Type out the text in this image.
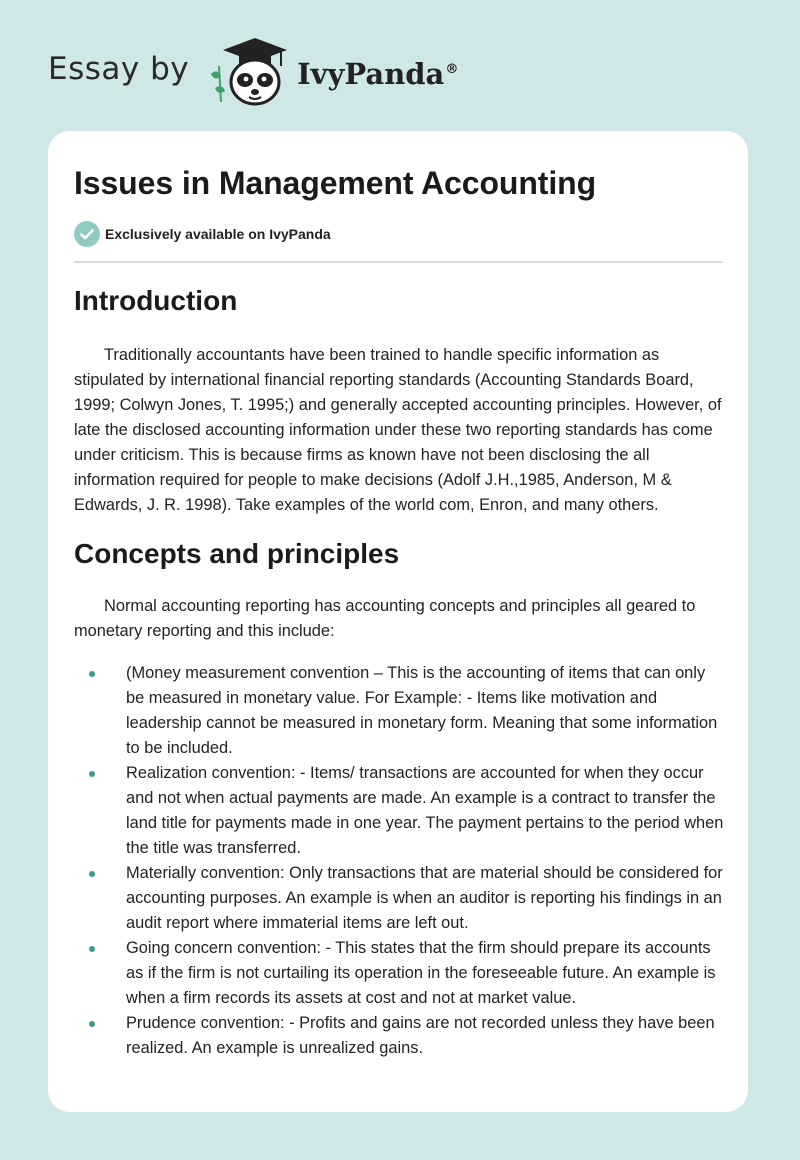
Essay by	IvyPanda®
Issues in Management Accounting
Exclusively available on IvyPanda
Introduction

Traditionally accountants have been trained to handle specific information as stipulated by international financial reporting standards (Accounting Standards Board, 1999; Colwyn Jones, T. 1995;) and generally accepted accounting principles. However, of late the disclosed accounting information under these two reporting standards has come under criticism. This is because firms as known have not been disclosing the all information required for people to make decisions (Adolf J.H.,1985, Anderson, M & Edwards, J. R. 1998). Take examples of the world com, Enron, and many others.

Concepts and principles

Normal accounting reporting has accounting concepts and principles all geared to monetary reporting and this include:

(Money measurement convention – This is the accounting of items that can only be measured in monetary value. For Example: - Items like motivation and leadership cannot be measured in monetary form. Meaning that some information to be included.
Realization convention: - Items/ transactions are accounted for when they occur and not when actual payments are made. An example is a contract to transfer the land title for payments made in one year. The payment pertains to the period when the title was transferred.
Materially convention: Only transactions that are material should be considered for accounting purposes. An example is when an auditor is reporting his findings in an audit report where immaterial items are left out.
Going concern convention: - This states that the firm should prepare its accounts as if the firm is not curtailing its operation in the foreseeable future. An example is when a firm records its assets at cost and not at market value.
Prudence convention: - Profits and gains are not recorded unless they have been realized. An example is unrealized gains.
